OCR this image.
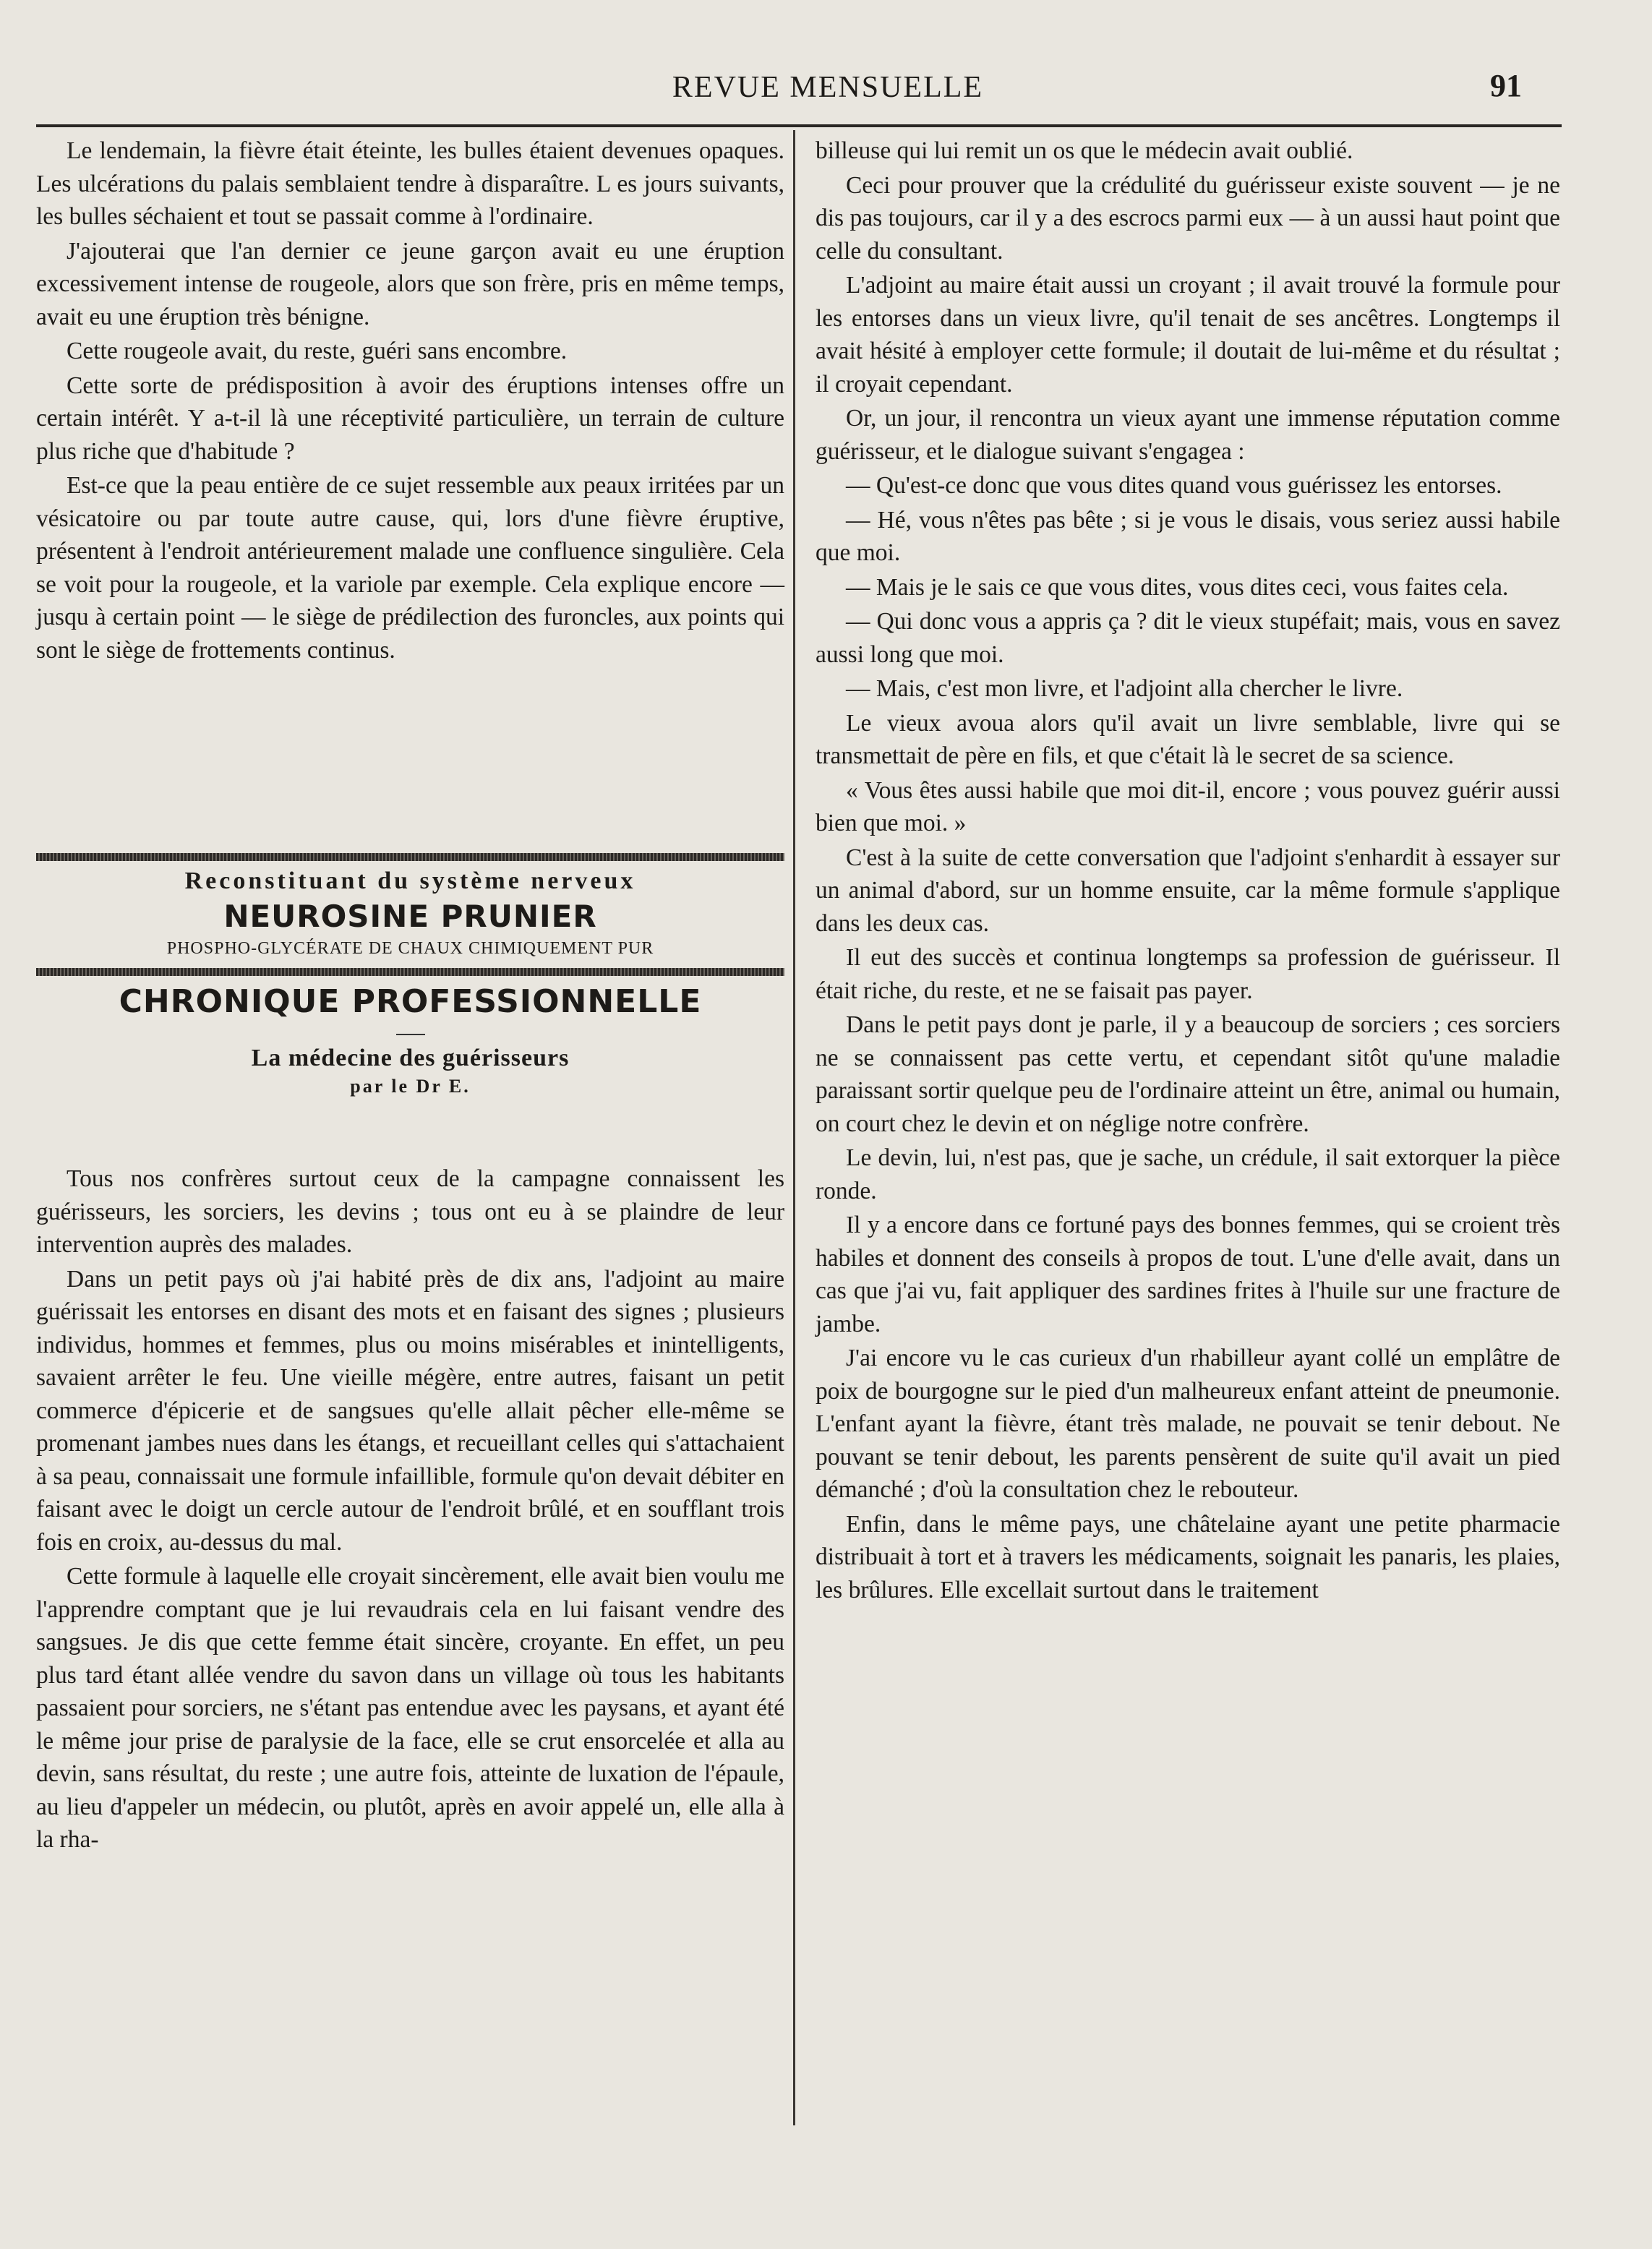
REVUE MENSUELLE	91

Le lendemain, la fièvre était éteinte, les bulles étaient devenues opaques. Les ulcérations du palais semblaient tendre à disparaître. L es jours suivants, les bulles séchaient et tout se passait comme à l'ordinaire.

J'ajouterai que l'an dernier ce jeune garçon avait eu une éruption excessivement intense de rougeole, alors que son frère, pris en même temps, avait eu une éruption très bénigne.

Cette rougeole avait, du reste, guéri sans encombre.

Cette sorte de prédisposition à avoir des éruptions intenses offre un certain intérêt. Y a-t-il là une réceptivité particulière, un terrain de culture plus riche que d'habitude ?

Est-ce que la peau entière de ce sujet ressemble aux peaux irritées par un vésicatoire ou par toute autre cause, qui, lors d'une fièvre éruptive, présentent à l'endroit antérieurement malade une confluence singulière. Cela se voit pour la rougeole, et la variole par exemple. Cela explique encore —jusqu à certain point — le siège de prédilection des furoncles, aux points qui sont le siège de frottements continus.

Reconstituant du système nerveux
NEUROSINE PRUNIER
PHOSPHO-GLYCÉRATE DE CHAUX CHIMIQUEMENT PUR
CHRONIQUE PROFESSIONNELLE
La médecine des guérisseurs
par le Dr E.

Tous nos confrères surtout ceux de la campagne connaissent les guérisseurs, les sorciers, les devins ; tous ont eu à se plaindre de leur intervention auprès des malades.

Dans un petit pays où j'ai habité près de dix ans, l'adjoint au maire guérissait les entorses en disant des mots et en faisant des signes ; plusieurs individus, hommes et femmes, plus ou moins misérables et inintelligents, savaient arrêter le feu. Une vieille mégère, entre autres, faisant un petit commerce d'épicerie et de sangsues qu'elle allait pêcher elle-même se promenant jambes nues dans les étangs, et recueillant celles qui s'attachaient à sa peau, connaissait une formule infaillible, formule qu'on devait débiter en faisant avec le doigt un cercle autour de l'endroit brûlé, et en soufflant trois fois en croix, au-dessus du mal.

Cette formule à laquelle elle croyait sincèrement, elle avait bien voulu me l'apprendre comptant que je lui revaudrais cela en lui faisant vendre des sangsues. Je dis que cette femme était sincère, croyante. En effet, un peu plus tard étant allée vendre du savon dans un village où tous les habitants passaient pour sorciers, ne s'étant pas entendue avec les paysans, et ayant été le même jour prise de paralysie de la face, elle se crut ensorcelée et alla au devin, sans résultat, du reste ; une autre fois, atteinte de luxation de l'épaule, au lieu d'appeler un médecin, ou plutôt, après en avoir appelé un, elle alla à la rha-

billeuse qui lui remit un os que le médecin avait oublié.

Ceci pour prouver que la crédulité du guérisseur existe souvent — je ne dis pas toujours, car il y a des escrocs parmi eux — à un aussi haut point que celle du consultant.

L'adjoint au maire était aussi un croyant ; il avait trouvé la formule pour les entorses dans un vieux livre, qu'il tenait de ses ancêtres. Longtemps il avait hésité à employer cette formule; il doutait de lui-même et du résultat ; il croyait cependant.

Or, un jour, il rencontra un vieux ayant une immense réputation comme guérisseur, et le dialogue suivant s'engagea :

— Qu'est-ce donc que vous dites quand vous guérissez les entorses.

— Hé, vous n'êtes pas bête ; si je vous le disais, vous seriez aussi habile que moi.

— Mais je le sais ce que vous dites, vous dites ceci, vous faites cela.

— Qui donc vous a appris ça ? dit le vieux stupéfait; mais, vous en savez aussi long que moi.

— Mais, c'est mon livre, et l'adjoint alla chercher le livre.

Le vieux avoua alors qu'il avait un livre semblable, livre qui se transmettait de père en fils, et que c'était là le secret de sa science.

« Vous êtes aussi habile que moi dit-il, encore ; vous pouvez guérir aussi bien que moi. »

C'est à la suite de cette conversation que l'adjoint s'enhardit à essayer sur un animal d'abord, sur un homme ensuite, car la même formule s'applique dans les deux cas.

Il eut des succès et continua longtemps sa profession de guérisseur. Il était riche, du reste, et ne se faisait pas payer.

Dans le petit pays dont je parle, il y a beaucoup de sorciers ; ces sorciers ne se connaissent pas cette vertu, et cependant sitôt qu'une maladie paraissant sortir quelque peu de l'ordinaire atteint un être, animal ou humain, on court chez le devin et on néglige notre confrère.

Le devin, lui, n'est pas, que je sache, un crédule, il sait extorquer la pièce ronde.

Il y a encore dans ce fortuné pays des bonnes femmes, qui se croient très habiles et donnent des conseils à propos de tout. L'une d'elle avait, dans un cas que j'ai vu, fait appliquer des sardines frites à l'huile sur une fracture de jambe.

J'ai encore vu le cas curieux d'un rhabilleur ayant collé un emplâtre de poix de bourgogne sur le pied d'un malheureux enfant atteint de pneumonie. L'enfant ayant la fièvre, étant très malade, ne pouvait se tenir debout. Ne pouvant se tenir debout, les parents pensèrent de suite qu'il avait un pied démanché ; d'où la consultation chez le rebouteur.

Enfin, dans le même pays, une châtelaine ayant une petite pharmacie distribuait à tort et à travers les médicaments, soignait les panaris, les plaies, les brûlures. Elle excellait surtout dans le traitement
